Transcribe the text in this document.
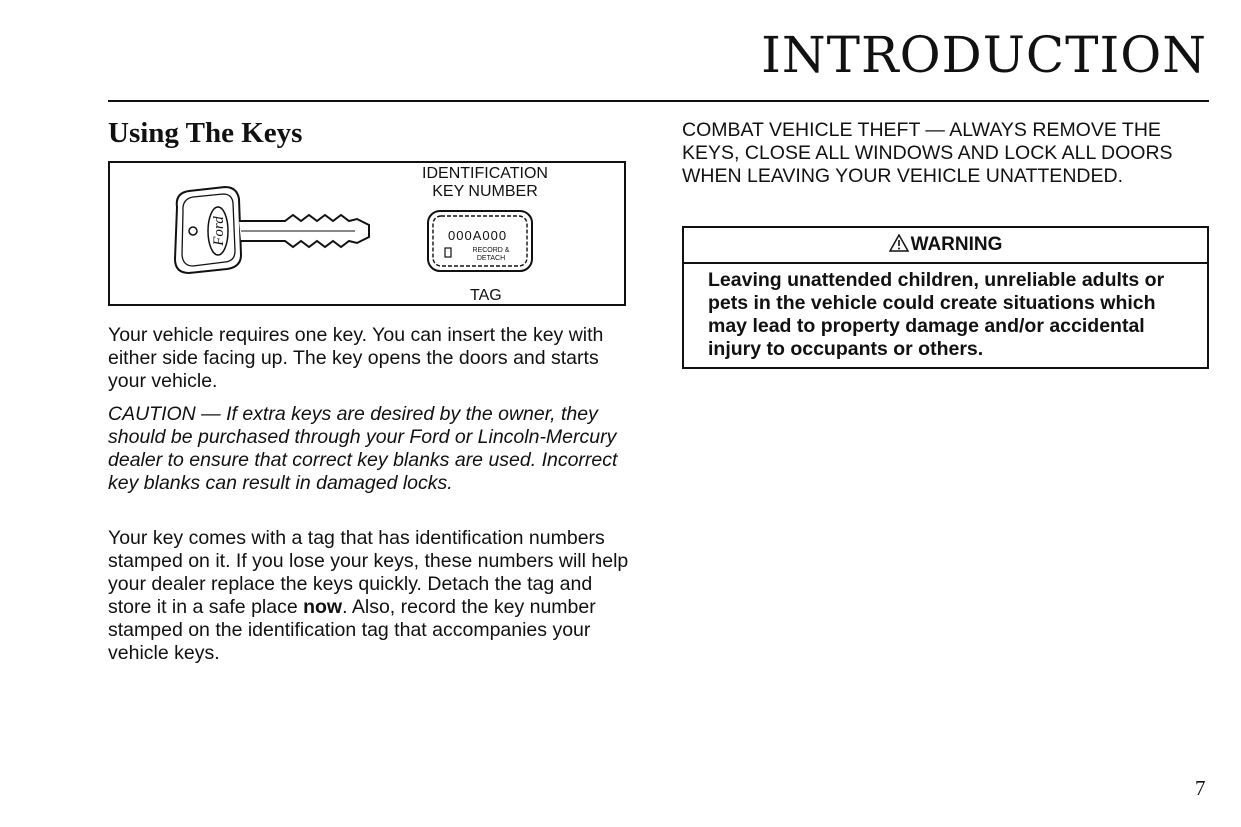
INTRODUCTION
Using The Keys
Ford
IDENTIFICATION
KEY NUMBER
000A000
RECORD &
DETACH
TAG

Your vehicle requires one key. You can insert the key with either side facing up. The key opens the doors and starts your vehicle.

CAUTION — If extra keys are desired by the owner, they should be purchased through your Ford or Lincoln-Mercury dealer to ensure that correct key blanks are used. Incorrect key blanks can result in damaged locks.

Your key comes with a tag that has identification numbers stamped on it. If you lose your keys, these numbers will help your dealer replace the keys quickly. Detach the tag and store it in a safe place now. Also, record the key number stamped on the identification tag that accompanies your vehicle keys.

COMBAT VEHICLE THEFT — ALWAYS REMOVE THE KEYS, CLOSE ALL WINDOWS AND LOCK ALL DOORS WHEN LEAVING YOUR VEHICLE UNATTENDED.

WARNING
Leaving unattended children, unreliable adults or pets in the vehicle could create situations which may lead to property damage and/or accidental injury to occupants or others.
7
